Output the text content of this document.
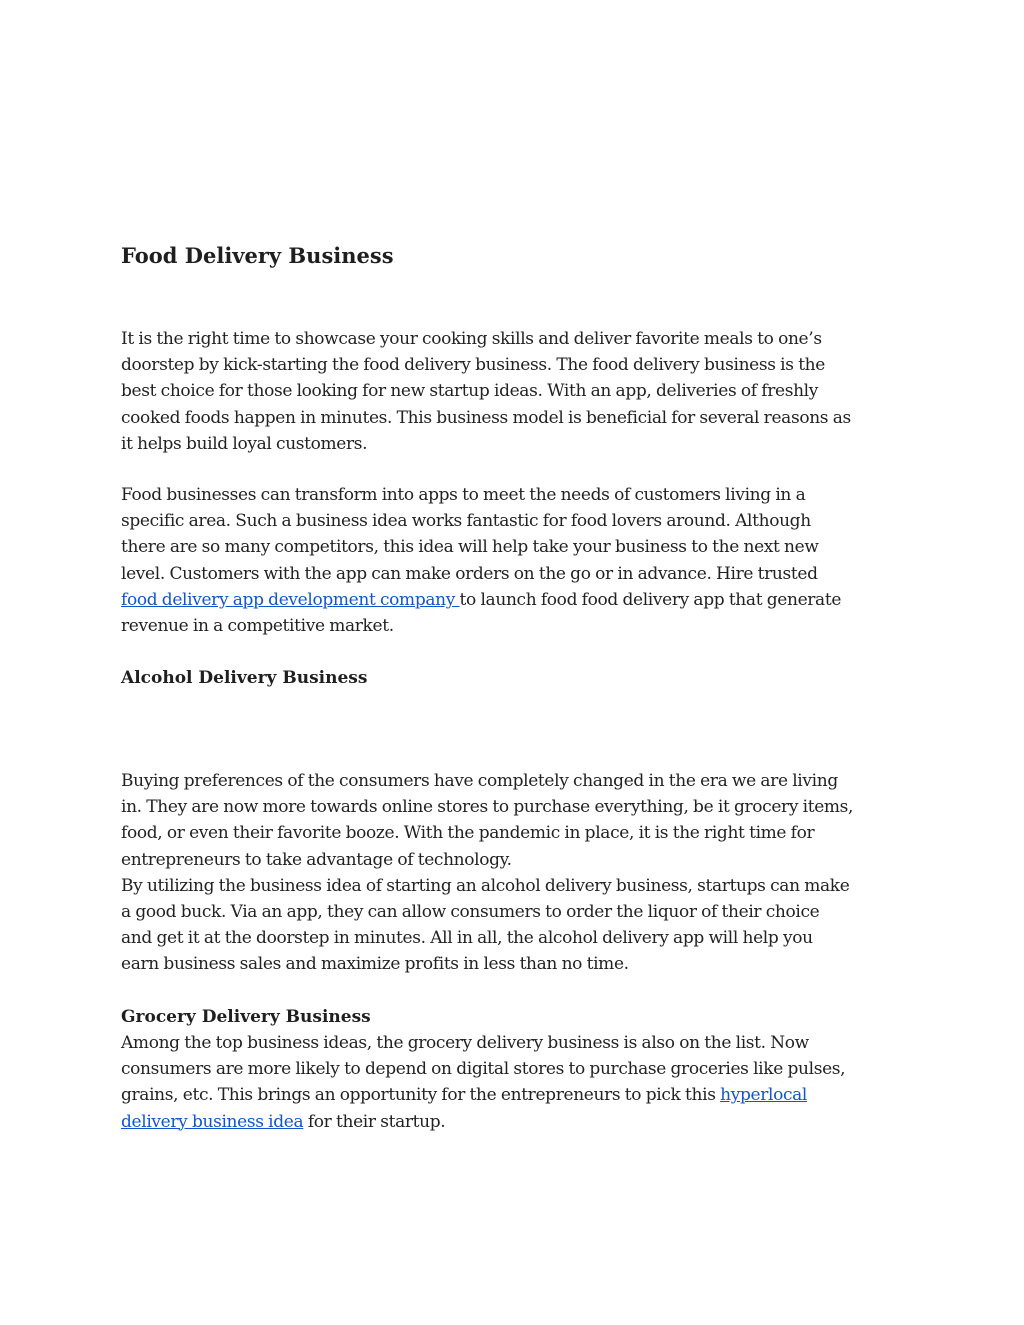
Food Delivery Business

It is the right time to showcase your cooking skills and deliver favorite meals to one’s
doorstep by kick-starting the food delivery business. The food delivery business is the
best choice for those looking for new startup ideas. With an app, deliveries of freshly
cooked foods happen in minutes. This business model is beneficial for several reasons as
it helps build loyal customers.

Food businesses can transform into apps to meet the needs of customers living in a
specific area. Such a business idea works fantastic for food lovers around. Although
there are so many competitors, this idea will help take your business to the next new
level. Customers with the app can make orders on the go or in advance. Hire trusted
food delivery app development company to launch food food delivery app that generate
revenue in a competitive market.

Alcohol Delivery Business

Buying preferences of the consumers have completely changed in the era we are living
in. They are now more towards online stores to purchase everything, be it grocery items,
food, or even their favorite booze. With the pandemic in place, it is the right time for
entrepreneurs to take advantage of technology.
By utilizing the business idea of starting an alcohol delivery business, startups can make
a good buck. Via an app, they can allow consumers to order the liquor of their choice
and get it at the doorstep in minutes. All in all, the alcohol delivery app will help you
earn business sales and maximize profits in less than no time.

Grocery Delivery Business

Among the top business ideas, the grocery delivery business is also on the list. Now
consumers are more likely to depend on digital stores to purchase groceries like pulses,
grains, etc. This brings an opportunity for the entrepreneurs to pick this hyperlocal
delivery business idea for their startup.
